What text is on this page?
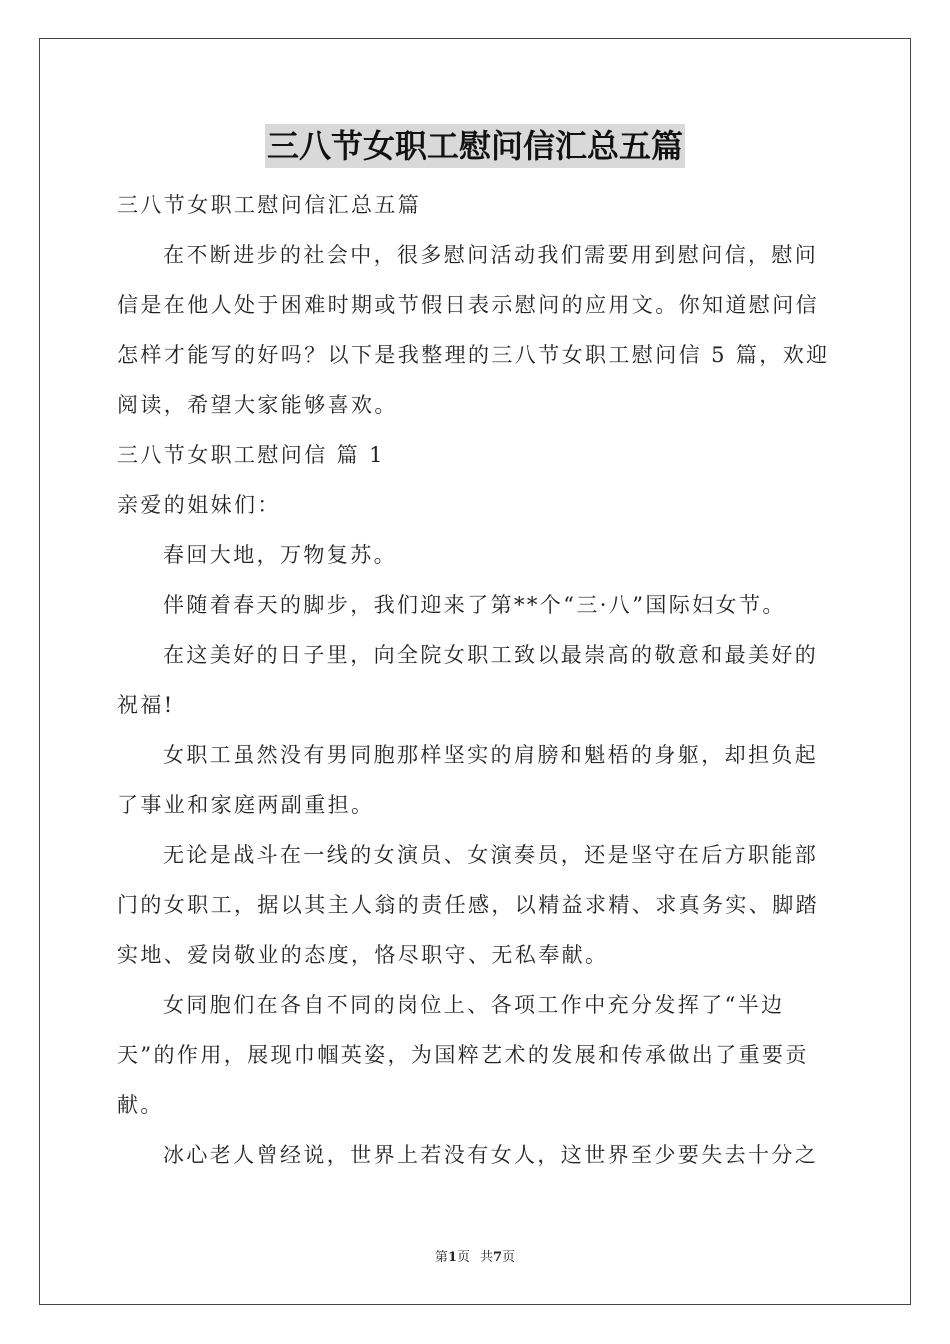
三八节女职工慰问信汇总五篇
三八节女职工慰问信汇总五篇
在不断进步的社会中，很多慰问活动我们需要用到慰问信，慰问
信是在他人处于困难时期或节假日表示慰问的应用文。你知道慰问信
怎样才能写的好吗？以下是我整理的三八节女职工慰问信 5 篇，欢迎
阅读，希望大家能够喜欢。
三八节女职工慰问信 篇 1
亲爱的姐妹们：
春回大地，万物复苏。
伴随着春天的脚步，我们迎来了第**个“三·八”国际妇女节。
在这美好的日子里，向全院女职工致以最崇高的敬意和最美好的
祝福!
女职工虽然没有男同胞那样坚实的肩膀和魁梧的身躯，却担负起
了事业和家庭两副重担。
无论是战斗在一线的女演员、女演奏员，还是坚守在后方职能部
门的女职工，据以其主人翁的责任感，以精益求精、求真务实、脚踏
实地、爱岗敬业的态度，恪尽职守、无私奉献。
女同胞们在各自不同的岗位上、各项工作中充分发挥了“半边
天”的作用，展现巾帼英姿，为国粹艺术的发展和传承做出了重要贡
献。
冰心老人曾经说，世界上若没有女人，这世界至少要失去十分之
第1页 共7页
